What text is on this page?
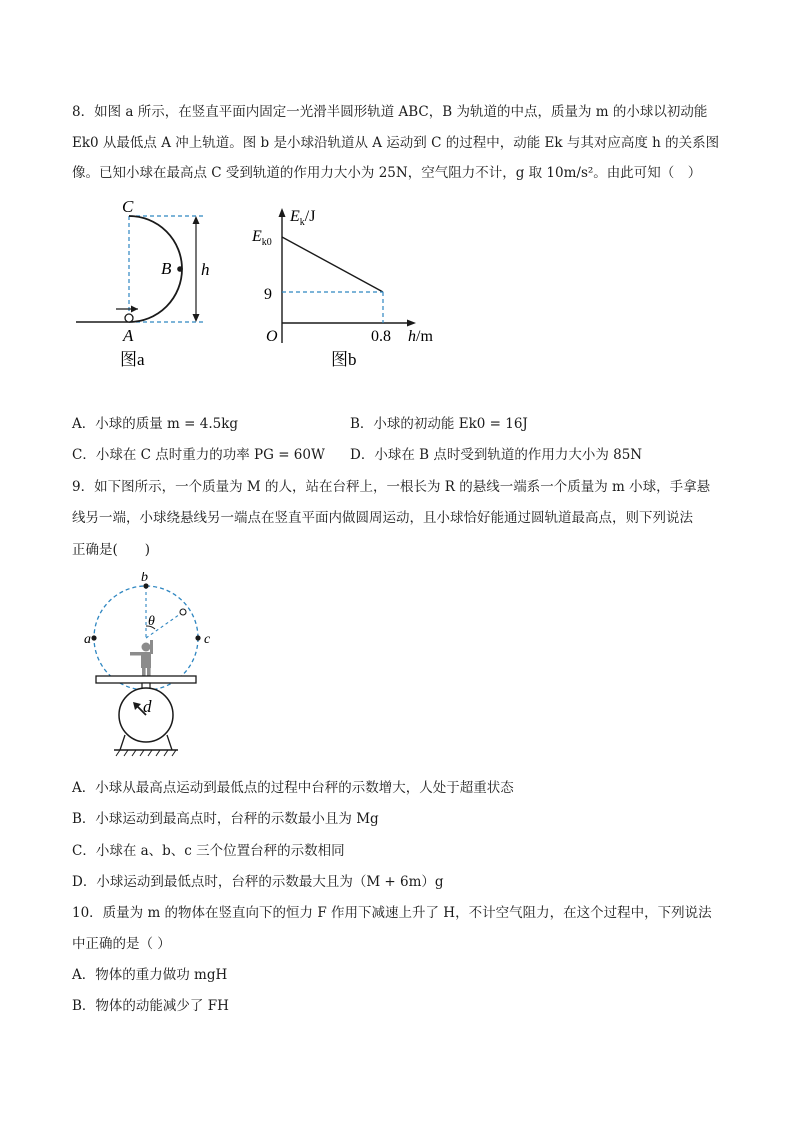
8．如图 a 所示，在竖直平面内固定一光滑半圆形轨道 ABC，B 为轨道的中点，质量为 m 的小球以初动能
Ek0 从最低点 A 冲上轨道。图 b 是小球沿轨道从 A 运动到 C 的过程中，动能 Ek 与其对应高度 h 的关系图
像。已知小球在最高点 C 受到轨道的作用力大小为 25N，空气阻力不计，g 取 10m/s²。由此可知（　）
C
B h
A
图a
$E_k/J$
$E_{k0}$
9
O	0.8 h/m
图b
A．小球的质量 m = 4.5kg	B．小球的初动能 Ek0 = 16J
C．小球在 C 点时重力的功率 PG = 60W D．小球在 B 点时受到轨道的作用力大小为 85N
9．如下图所示，一个质量为 M 的人，站在台秤上，一根长为 R 的悬线一端系一个质量为 m 小球，手拿悬
线另一端，小球绕悬线另一端点在竖直平面内做圆周运动，且小球恰好能通过圆轨道最高点，则下列说法
正确是(　　)
a
b
c
θ
d
A．小球从最高点运动到最低点的过程中台秤的示数增大，人处于超重状态
B．小球运动到最高点时，台秤的示数最小且为 Mg
C．小球在 a、b、c 三个位置台秤的示数相同
D．小球运动到最低点时，台秤的示数最大且为（M + 6m）g
10．质量为 m 的物体在竖直向下的恒力 F 作用下减速上升了 H，不计空气阻力，在这个过程中，下列说法
中正确的是（ ）
A．物体的重力做功 mgH
B．物体的动能减少了 FH
